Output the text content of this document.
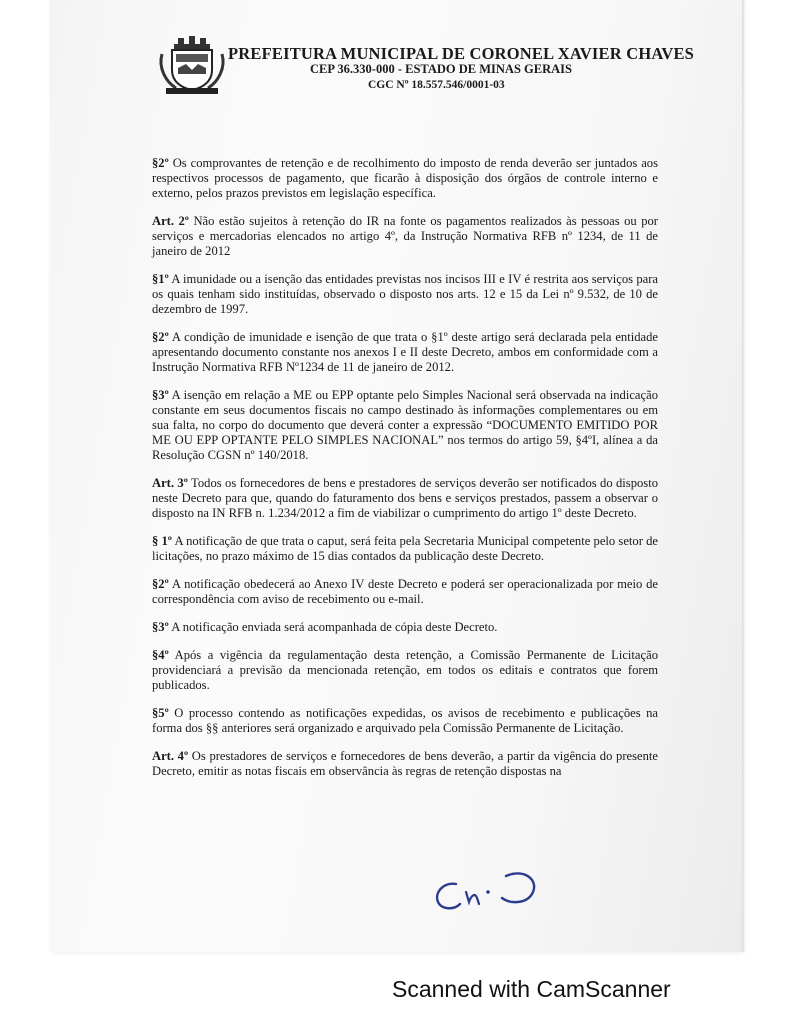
PREFEITURA MUNICIPAL DE CORONEL XAVIER CHAVES
CEP 36.330-000 - ESTADO DE MINAS GERAIS
CGC Nº 18.557.546/0001-03

§2º Os comprovantes de retenção e de recolhimento do imposto de renda deverão ser juntados aos respectivos processos de pagamento, que ficarão à disposição dos órgãos de controle interno e externo, pelos prazos previstos em legislação específica.

Art. 2º Não estão sujeitos à retenção do IR na fonte os pagamentos realizados às pessoas ou por serviços e mercadorias elencados no artigo 4º, da Instrução Normativa RFB nº 1234, de 11 de janeiro de 2012

§1º A imunidade ou a isenção das entidades previstas nos incisos III e IV é restrita aos serviços para os quais tenham sido instituídas, observado o disposto nos arts. 12 e 15 da Lei nº 9.532, de 10 de dezembro de 1997.

§2º A condição de imunidade e isenção de que trata o §1º deste artigo será declarada pela entidade apresentando documento constante nos anexos I e II deste Decreto, ambos em conformidade com a Instrução Normativa RFB Nº1234 de 11 de janeiro de 2012.

§3º A isenção em relação a ME ou EPP optante pelo Simples Nacional será observada na indicação constante em seus documentos fiscais no campo destinado às informações complementares ou em sua falta, no corpo do documento que deverá conter a expressão “DOCUMENTO EMITIDO POR ME OU EPP OPTANTE PELO SIMPLES NACIONAL” nos termos do artigo 59, §4ºI, alínea a da Resolução CGSN nº 140/2018.

Art. 3º Todos os fornecedores de bens e prestadores de serviços deverão ser notificados do disposto neste Decreto para que, quando do faturamento dos bens e serviços prestados, passem a observar o disposto na IN RFB n. 1.234/2012 a fim de viabilizar o cumprimento do artigo 1º deste Decreto.

§ 1º A notificação de que trata o caput, será feita pela Secretaria Municipal competente pelo setor de licitações, no prazo máximo de 15 dias contados da publicação deste Decreto.

§2º A notificação obedecerá ao Anexo IV deste Decreto e poderá ser operacionalizada por meio de correspondência com aviso de recebimento ou e-mail.

§3º A notificação enviada será acompanhada de cópia deste Decreto.

§4º Após a vigência da regulamentação desta retenção, a Comissão Permanente de Licitação providenciará a previsão da mencionada retenção, em todos os editais e contratos que forem publicados.

§5º O processo contendo as notificações expedidas, os avisos de recebimento e publicações na forma dos §§ anteriores será organizado e arquivado pela Comissão Permanente de Licitação.

Art. 4º Os prestadores de serviços e fornecedores de bens deverão, a partir da vigência do presente Decreto, emitir as notas fiscais em observância às regras de retenção dispostas na

Scanned with CamScanner
